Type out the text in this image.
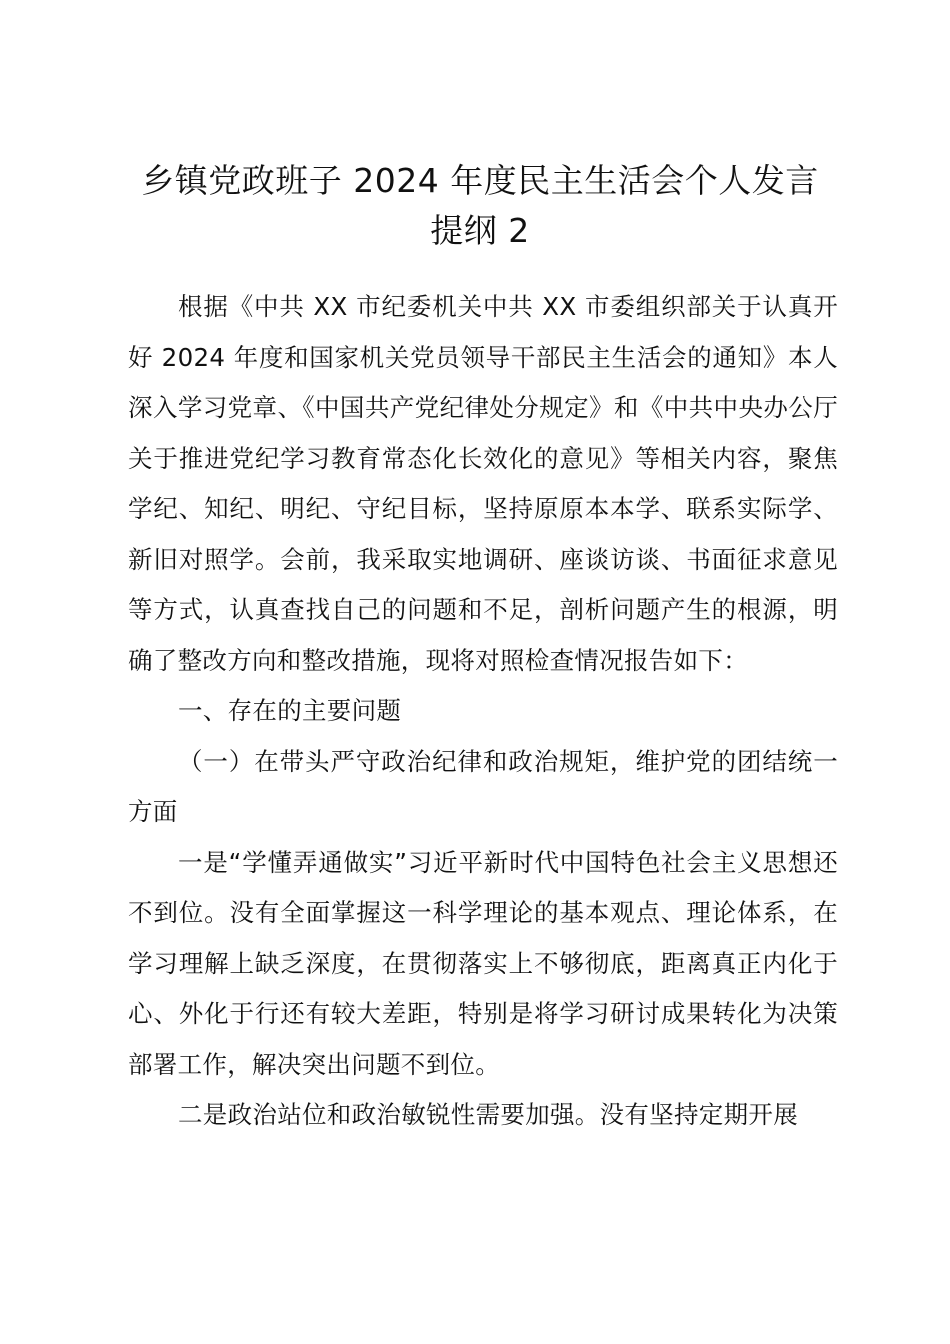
乡镇党政班子 2024 年度民主生活会个人发言
提纲 2

根据《中共 XX 市纪委机关中共 XX 市委组织部关于认真开好 2024 年度和国家机关党员领导干部民主生活会的通知》本人深入学习党章、《中国共产党纪律处分规定》和《中共中央办公厅关于推进党纪学习教育常态化长效化的意见》等相关内容，聚焦学纪、知纪、明纪、守纪目标，坚持原原本本学、联系实际学、新旧对照学。会前，我采取实地调研、座谈访谈、书面征求意见等方式，认真查找自己的问题和不足，剖析问题产生的根源，明确了整改方向和整改措施，现将对照检查情况报告如下：

一、存在的主要问题

（一）在带头严守政治纪律和政治规矩，维护党的团结统一方面

一是“学懂弄通做实”习近平新时代中国特色社会主义思想还不到位。没有全面掌握这一科学理论的基本观点、理论体系，在学习理解上缺乏深度，在贯彻落实上不够彻底，距离真正内化于心、外化于行还有较大差距，特别是将学习研讨成果转化为决策部署工作，解决突出问题不到位。

二是政治站位和政治敏锐性需要加强。没有坚持定期开展
